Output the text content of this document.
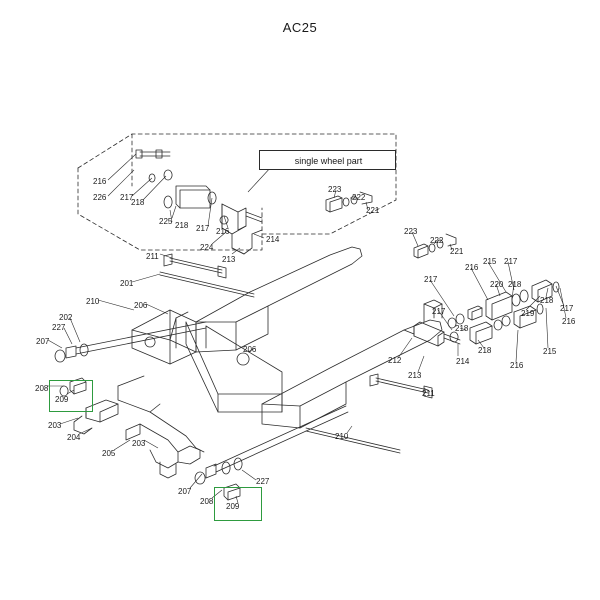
AC25
single wheel part
216
226 217
218
218
225
217 216
224
213
214
211
201
210	206
202
227
207
208
209
203
204
205
203
206
207
208
209
227
210
211
212
213
214
218
216
215
216
217
218
219
218
220
217
215
216
217
217
218
223
222
221
223
222
221
